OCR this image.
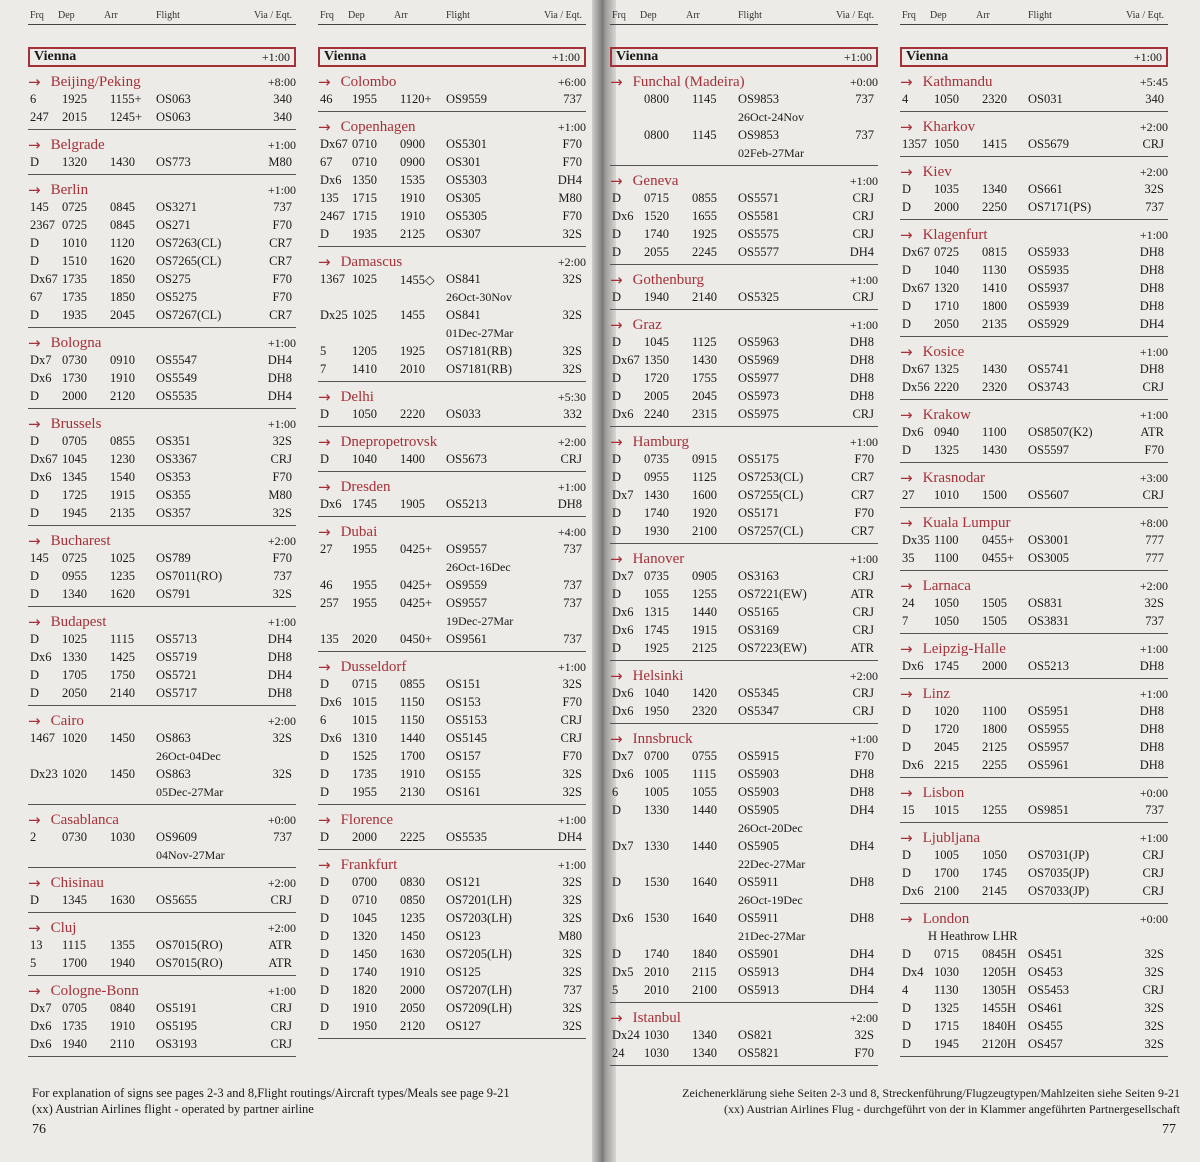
Frq Dep	Arr	Flight	Via / Eqt.
Vienna	+1:00
→ Beijing/Peking	+8:00
6 1925 1155+ OS063	340
247 2015 1245+ OS063	340
→ Belgrade	+1:00
D 1320 1430 OS773	M80
→ Berlin	+1:00
145 0725 0845 OS3271	737
2367 0725 0845 OS271	F70
D 1010 1120 OS7263(CL)	CR7
D 1510 1620 OS7265(CL)	CR7
Dx67 1735 1850 OS275	F70
67 1735 1850 OS5275	F70
D 1935 2045 OS7267(CL)	CR7
→ Bologna	+1:00
Dx7 0730 0910 OS5547	DH4
Dx6 1730 1910 OS5549	DH8
D 2000 2120 OS5535	DH4
→ Brussels	+1:00
D 0705 0855 OS351	32S
Dx67 1045 1230 OS3367	CRJ
Dx6 1345 1540 OS353	F70
D 1725 1915 OS355	M80
D 1945 2135 OS357	32S
→ Bucharest	+2:00
145 0725 1025 OS789	F70
D 0955 1235 OS7011(RO)	737
D 1340 1620 OS791	32S
→ Budapest	+1:00
D 1025 1115 OS5713	DH4
Dx6 1330 1425 OS5719	DH8
D 1705 1750 OS5721	DH4
D 2050 2140 OS5717	DH8
→ Cairo	+2:00
1467 1020 1450 OS863	32S
26Oct-04Dec
Dx23 1020 1450 OS863	32S
05Dec-27Mar
→ Casablanca	+0:00
2 0730 1030 OS9609	737
04Nov-27Mar
→ Chisinau	+2:00
D 1345 1630 OS5655	CRJ
→ Cluj	+2:00
13 1115 1355 OS7015(RO)	ATR
5 1700 1940 OS7015(RO)	ATR
→ Cologne-Bonn	+1:00
Dx7 0705 0840 OS5191	CRJ
Dx6 1735 1910 OS5195	CRJ
Dx6 1940 2110 OS3193	CRJ
Frq Dep	Arr	Flight	Via / Eqt.
Vienna	+1:00
→ Colombo	+6:00
46 1955 1120+ OS9559	737
→ Copenhagen	+1:00
Dx67 0710 0900 OS5301	F70
67 0710 0900 OS301	F70
Dx6 1350 1535 OS5303	DH4
135 1715 1910 OS305	M80
2467 1715 1910 OS5305	F70
D 1935 2125 OS307	32S
→ Damascus	+2:00
1367 1025 1455◇ OS841	32S
26Oct-30Nov
Dx25 1025 1455 OS841	32S
01Dec-27Mar
5 1205 1925 OS7181(RB)	32S
7 1410 2010 OS7181(RB)	32S
→ Delhi	+5:30
D 1050 2220 OS033	332
→ Dnepropetrovsk	+2:00
D 1040 1400 OS5673	CRJ
→ Dresden	+1:00
Dx6 1745 1905 OS5213	DH8
→ Dubai	+4:00
27 1955 0425+ OS9557	737
26Oct-16Dec
46 1955 0425+ OS9559	737
257 1955 0425+ OS9557	737
19Dec-27Mar
135 2020 0450+ OS9561	737
→ Dusseldorf	+1:00
D 0715 0855 OS151	32S
Dx6 1015 1150 OS153	F70
6 1015 1150 OS5153	CRJ
Dx6 1310 1440 OS5145	CRJ
D 1525 1700 OS157	F70
D 1735 1910 OS155	32S
D 1955 2130 OS161	32S
→ Florence	+1:00
D 2000 2225 OS5535	DH4
→ Frankfurt	+1:00
D 0700 0830 OS121	32S
D 0710 0850 OS7201(LH)	32S
D 1045 1235 OS7203(LH)	32S
D 1320 1450 OS123	M80
D 1450 1630 OS7205(LH)	32S
D 1740 1910 OS125	32S
D 1820 2000 OS7207(LH)	737
D 1910 2050 OS7209(LH)	32S
D 1950 2120 OS127	32S
Frq Dep	Arr	Flight	Via / Eqt.
Vienna	+1:00
→ Funchal (Madeira)	+0:00
0800 1145 OS9853	737
26Oct-24Nov
0800 1145 OS9853	737
02Feb-27Mar
→ Geneva	+1:00
D 0715 0855 OS5571	CRJ
Dx6 1520 1655 OS5581	CRJ
D 1740 1925 OS5575	CRJ
D 2055 2245 OS5577	DH4
→ Gothenburg	+1:00
D 1940 2140 OS5325	CRJ
→ Graz	+1:00
D 1045 1125 OS5963	DH8
Dx67 1350 1430 OS5969	DH8
D 1720 1755 OS5977	DH8
D 2005 2045 OS5973	DH8
Dx6 2240 2315 OS5975	CRJ
→ Hamburg	+1:00
D 0735 0915 OS5175	F70
D 0955 1125 OS7253(CL)	CR7
Dx7 1430 1600 OS7255(CL)	CR7
D 1740 1920 OS5171	F70
D 1930 2100 OS7257(CL)	CR7
→ Hanover	+1:00
Dx7 0735 0905 OS3163	CRJ
D 1055 1255 OS7221(EW)	ATR
Dx6 1315 1440 OS5165	CRJ
Dx6 1745 1915 OS3169	CRJ
D 1925 2125 OS7223(EW)	ATR
→ Helsinki	+2:00
Dx6 1040 1420 OS5345	CRJ
Dx6 1950 2320 OS5347	CRJ
→ Innsbruck	+1:00
Dx7 0700 0755 OS5915	F70
Dx6 1005 1115 OS5903	DH8
6 1005 1055 OS5903	DH8
D 1330 1440 OS5905	DH4
26Oct-20Dec
Dx7 1330 1440 OS5905	DH4
22Dec-27Mar
D 1530 1640 OS5911	DH8
26Oct-19Dec
Dx6 1530 1640 OS5911	DH8
21Dec-27Mar
D 1740 1840 OS5901	DH4
Dx5 2010 2115 OS5913	DH4
5 2010 2100 OS5913	DH4
→ Istanbul	+2:00
Dx24 1030 1340 OS821	32S
24 1030 1340 OS5821	F70
Frq Dep	Arr	Flight	Via / Eqt.
Vienna	+1:00
→ Kathmandu	+5:45
4 1050 2320 OS031	340
→ Kharkov	+2:00
1357 1050 1415 OS5679	CRJ
→ Kiev	+2:00
D 1035 1340 OS661	32S
D 2000 2250 OS7171(PS)	737
→ Klagenfurt	+1:00
Dx67 0725 0815 OS5933	DH8
D 1040 1130 OS5935	DH8
Dx67 1320 1410 OS5937	DH8
D 1710 1800 OS5939	DH8
D 2050 2135 OS5929	DH4
→ Kosice	+1:00
Dx67 1325 1430 OS5741	DH8
Dx56 2220 2320 OS3743	CRJ
→ Krakow	+1:00
Dx6 0940 1100 OS8507(K2)	ATR
D 1325 1430 OS5597	F70
→ Krasnodar	+3:00
27 1010 1500 OS5607	CRJ
→ Kuala Lumpur	+8:00
Dx35 1100 0455+ OS3001	777
35 1100 0455+ OS3005	777
→ Larnaca	+2:00
24 1050 1505 OS831	32S
7 1050 1505 OS3831	737
→ Leipzig-Halle	+1:00
Dx6 1745 2000 OS5213	DH8
→ Linz	+1:00
D 1020 1100 OS5951	DH8
D 1720 1800 OS5955	DH8
D 2045 2125 OS5957	DH8
Dx6 2215 2255 OS5961	DH8
→ Lisbon	+0:00
15 1015 1255 OS9851	737
→ Ljubljana	+1:00
D 1005 1050 OS7031(JP)	CRJ
D 1700 1745 OS7035(JP)	CRJ
Dx6 2100 2145 OS7033(JP)	CRJ
→ London	+0:00
H Heathrow LHR
D 0715 0845H OS451	32S
Dx4 1030 1205H OS453	32S
4 1130 1305H OS5453	CRJ
D 1325 1455H OS461	32S
D 1715 1840H OS455	32S
D 1945 2120H OS457	32S
For explanation of signs see pages 2-3 and 8,Flight routings/Aircraft types/Meals see page 9-21
(xx) Austrian Airlines flight - operated by partner airline
76
Zeichenerklärung siehe Seiten 2-3 und 8, Streckenführung/Flugzeugtypen/Mahlzeiten siehe Seiten 9-21
(xx) Austrian Airlines Flug - durchgeführt von der in Klammer angeführten Partnergesellschaft
77
